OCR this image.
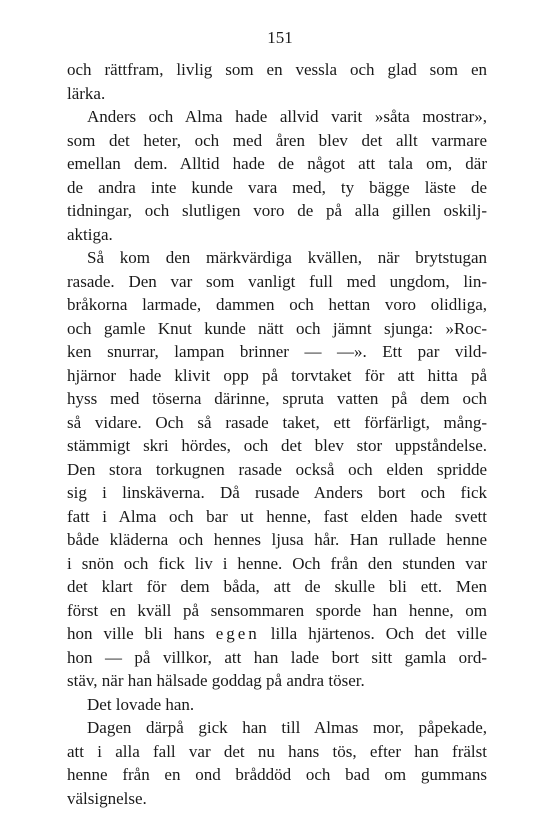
151
och rättfram, livlig som en vessla och glad som en
lärka.
Anders och Alma hade allvid varit »såta mostrar»,
som det heter, och med åren blev det allt varmare
emellan dem. Alltid hade de något att tala om, där
de andra inte kunde vara med, ty bägge läste de
tidningar, och slutligen voro de på alla gillen oskilj-
aktiga.
Så kom den märkvärdiga kvällen, när brytstugan
rasade. Den var som vanligt full med ungdom, lin-
bråkorna larmade, dammen och hettan voro olidliga,
och gamle Knut kunde nätt och jämnt sjunga: »Roc-
ken snurrar, lampan brinner — —». Ett par vild-
hjärnor hade klivit opp på torvtaket för att hitta på
hyss med töserna därinne, spruta vatten på dem och
så vidare. Och så rasade taket, ett förfärligt, mång-
stämmigt skri hördes, och det blev stor uppståndelse.
Den stora torkugnen rasade också och elden spridde
sig i linskäverna. Då rusade Anders bort och fick
fatt i Alma och bar ut henne, fast elden hade svett
både kläderna och hennes ljusa hår. Han rullade henne
i snön och fick liv i henne. Och från den stunden var
det klart för dem båda, att de skulle bli ett. Men
först en kväll på sensommaren sporde han henne, om
hon ville bli hans egen lilla hjärtenos. Och det ville
hon — på villkor, att han lade bort sitt gamla ord-
stäv, när han hälsade goddag på andra töser.
Det lovade han.
Dagen därpå gick han till Almas mor, påpekade,
att i alla fall var det nu hans tös, efter han frälst
henne från en ond bråddöd och bad om gummans
välsignelse.
